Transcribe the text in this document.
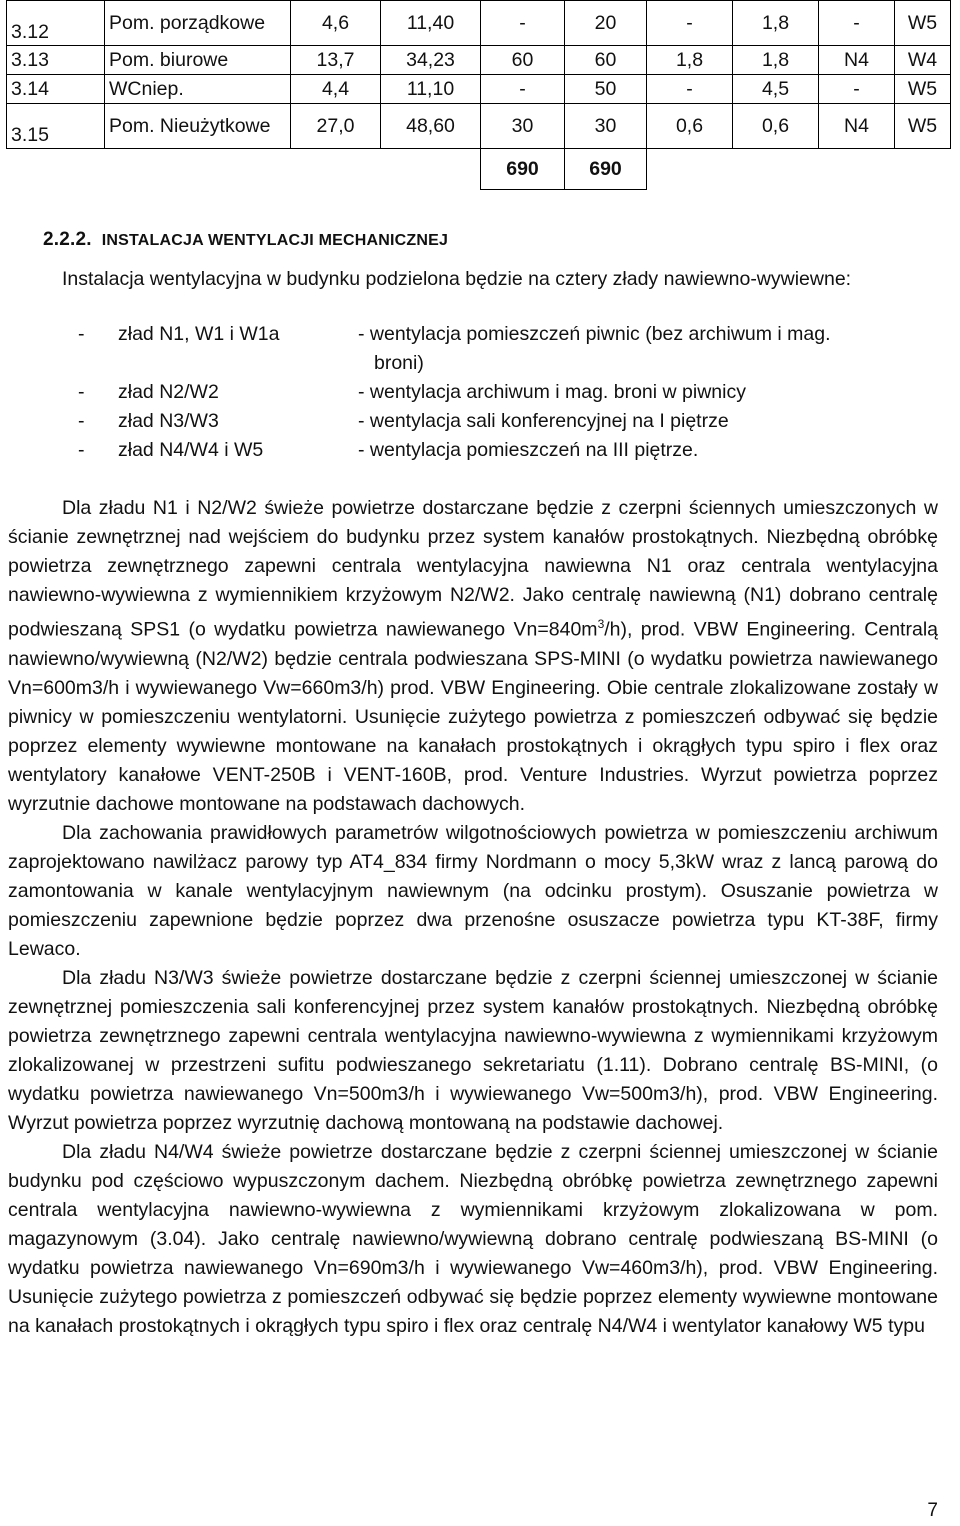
3.12	Pom. porządkowe	4,6	11,40	-	20	-	1,8	-	W5
3.13	Pom. biurowe	13,7	34,23	60	60	1,8	1,8	N4	W4
3.14	WCniep.	4,4	11,10	-	50	-	4,5	-	W5
3.15	Pom. Nieużytkowe	27,0	48,60	30	30	0,6	0,6	N4	W5
				690	690				
2.2.2. INSTALACJA WENTYLACJI MECHANICZNEJ
Instalacja wentylacyjna w budynku podzielona będzie na cztery złady nawiewno-wywiewne:
- zład N1, W1 i W1a	- wentylacja pomieszczeń piwnic (bez archiwum i mag.
broni)
- zład N2/W2	- wentylacja archiwum i mag. broni w piwnicy
- zład N3/W3	- wentylacja sali konferencyjnej na I piętrze
- zład N4/W4 i W5	- wentylacja pomieszczeń na III piętrze.

Dla zładu N1 i N2/W2 świeże powietrze dostarczane będzie z czerpni ściennych umieszczonych w ścianie zewnętrznej nad wejściem do budynku przez system kanałów prostokątnych. Niezbędną obróbkę powietrza zewnętrznego zapewni centrala wentylacyjna nawiewna N1 oraz centrala wentylacyjna nawiewno-wywiewna z wymiennikiem krzyżowym N2/W2. Jako centralę nawiewną (N1) dobrano centralę podwieszaną SPS1 (o wydatku powietrza nawiewanego $Vn=840m^3/h$), prod. VBW Engineering. Centralą nawiewno/wywiewną (N2/W2) będzie centrala podwieszana SPS-MINI (o wydatku powietrza nawiewanego Vn=600m3/h i wywiewanego Vw=660m3/h) prod. VBW Engineering. Obie centrale zlokalizowane zostały w piwnicy w pomieszczeniu wentylatorni. Usunięcie zużytego powietrza z pomieszczeń odbywać się będzie poprzez elementy wywiewne montowane na kanałach prostokątnych i okrągłych typu spiro i flex oraz wentylatory kanałowe VENT-250B i VENT-160B, prod. Venture Industries. Wyrzut powietrza poprzez wyrzutnie dachowe montowane na podstawach dachowych.

Dla zachowania prawidłowych parametrów wilgotnościowych powietrza w pomieszczeniu archiwum zaprojektowano nawilżacz parowy typ AT4_834 firmy Nordmann o mocy 5,3kW wraz z lancą parową do zamontowania w kanale wentylacyjnym nawiewnym (na odcinku prostym). Osuszanie powietrza w pomieszczeniu zapewnione będzie poprzez dwa przenośne osuszacze powietrza typu KT-38F, firmy Lewaco.

Dla zładu N3/W3 świeże powietrze dostarczane będzie z czerpni ściennej umieszczonej w ścianie zewnętrznej pomieszczenia sali konferencyjnej przez system kanałów prostokątnych. Niezbędną obróbkę powietrza zewnętrznego zapewni centrala wentylacyjna nawiewno-wywiewna z wymiennikami krzyżowym zlokalizowanej w przestrzeni sufitu podwieszanego sekretariatu (1.11). Dobrano centralę BS-MINI, (o wydatku powietrza nawiewanego Vn=500m3/h i wywiewanego Vw=500m3/h), prod. VBW Engineering. Wyrzut powietrza poprzez wyrzutnię dachową montowaną na podstawie dachowej.

Dla zładu N4/W4 świeże powietrze dostarczane będzie z czerpni ściennej umieszczonej w ścianie budynku pod częściowo wypuszczonym dachem. Niezbędną obróbkę powietrza zewnętrznego zapewni centrala wentylacyjna nawiewno-wywiewna z wymiennikami krzyżowym zlokalizowana w pom. magazynowym (3.04). Jako centralę nawiewno/wywiewną dobrano centralę podwieszaną BS-MINI (o wydatku powietrza nawiewanego Vn=690m3/h i wywiewanego Vw=460m3/h), prod. VBW Engineering. Usunięcie zużytego powietrza z pomieszczeń odbywać się będzie poprzez elementy wywiewne montowane na kanałach prostokątnych i okrągłych typu spiro i flex oraz centralę N4/W4 i wentylator kanałowy W5 typu

7
